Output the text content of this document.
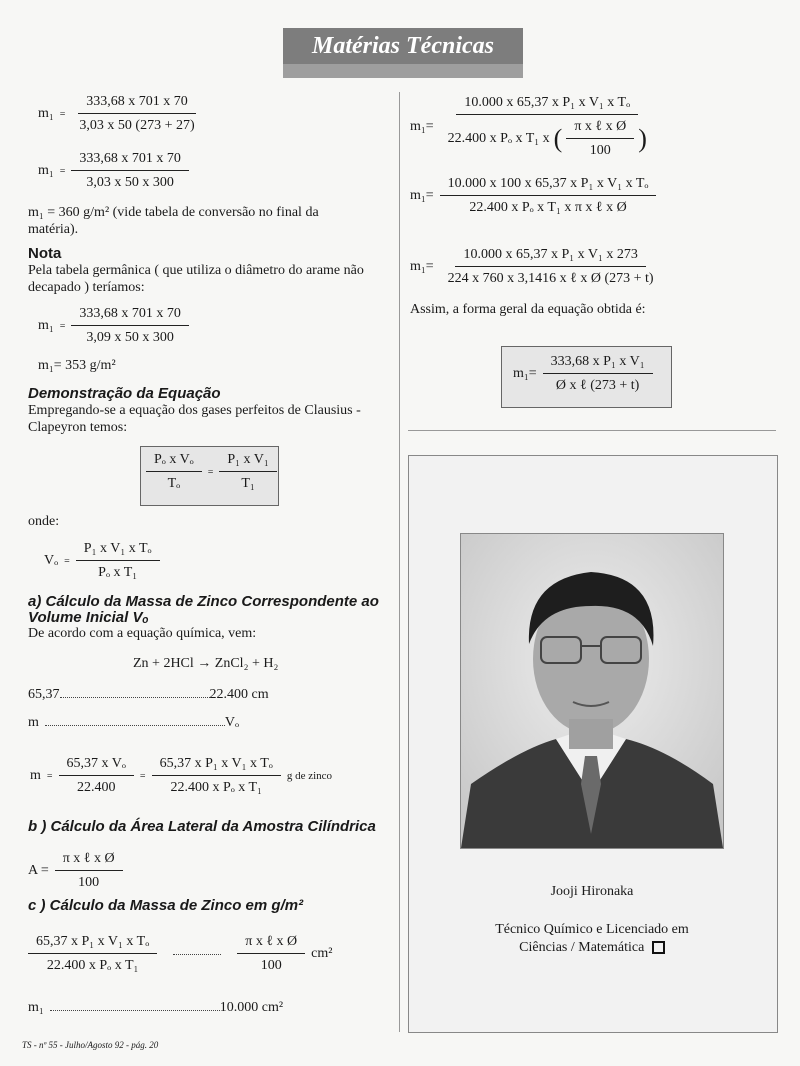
Matérias Técnicas
$m_1 = \frac{333,68 x 701 x 70}{3,03 x 50 (273 + 27)}$
$m_1 = \frac{333,68 x 701 x 70}{3,03 x 50 x 300}$
m₁ = 360 g/m² (vide tabela de conversão no final da
matéria).
Nota
Pela tabela germânica ( que utiliza o diâmetro do arame não
decapado ) teríamos:
$m_1 = \frac{333,68 x 701 x 70}{3,09 x 50 x 300}$
m₁= 353 g/m²
Demonstração da Equação
Empregando-se a equação dos gases perfeitos de Clausius -
Clapeyron temos:
$\frac{\text{Pₒ x Vₒ}}{\text{Tₒ}} = \frac{\text{P₁ x V₁}}{\text{T₁}}$
onde:
$V_o = \frac{\text{P₁ x V₁ x Tₒ}}{\text{Pₒ x T₁}}$
a) Cálculo da Massa de Zinco Correspondente ao
Volume Inicial Vₒ
De acordo com a equação química, vem:
Zn + 2HCl → ZnCl₂ + H₂
65,37	22.400 cm
m	Vₒ
$m = \frac{\text{65,37 x Vₒ}}{22.400} = \frac{\text{65,37 x P₁ x V₁ x Tₒ}}{\text{22.400 x Pₒ x T₁}}$ g de zinco
b ) Cálculo da Área Lateral da Amostra Cilíndrica
$A = \frac{\text{π x ℓ x Ø}}{100}$
c ) Cálculo da Massa de Zinco em g/m²
$\frac{\text{65,37 x P₁ x V₁ x Tₒ}}{\text{22.400 x Pₒ x T₁}}$	$\frac{\text{π x ℓ x Ø}}{100} cm^2$
m₁	10.000 cm²
$m_1= \frac{\text{10.000 x 65,37 x P₁ x V₁ x Tₒ}}{22.400 x P_o x T_1 x ( \frac{\text{π x ℓ x Ø}}{100} )}$
$m_1= \frac{\text{10.000 x 100 x 65,37 x P₁ x V₁ x Tₒ}}{\text{22.400 x Pₒ x T₁ x π x ℓ x Ø}}$
$m_1= \frac{\text{10.000 x 65,37 x P₁ x V₁ x 273}}{\text{224 x 760 x 3,1416 x ℓ x Ø (273 + t)}}$
Assim, a forma geral da equação obtida é:
$m_1= \frac{\text{333,68 x P₁ x V₁}}{\text{Ø x ℓ (273 + t)}}$
Jooji Hironaka
Técnico Químico e Licenciado em
Ciências / Matemática
TS - nº 55 - Julho/Agosto 92 - pág. 20
